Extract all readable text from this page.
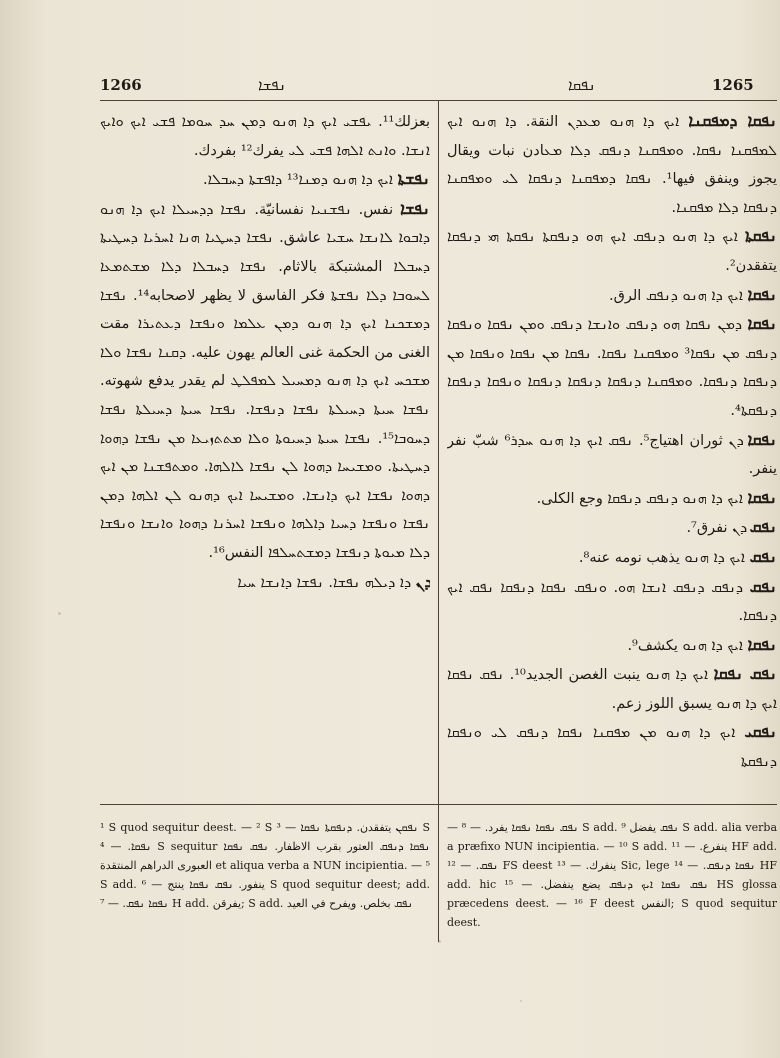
1266	ܢܦܫܐ	ܢܦܩܐ	1265

بعزلك¹¹. ܝܦܫܝ ܐܝܟ ܕܐ ܗܢܘ ܕܡܢ ܚܕ ܚܘܡܐ ܦܫܝ ܐܝܟ ܘܐܝܟ ܐܢܫܐ. ܘܐܢܬ ܐܠܗܐ ܦܫܝ ܠܝ يفرك¹² بفردك.

ܢܦܫܬܐ ܐܝܟ ܕܐ ܗܢܘ ܕܡܢܐ¹³ ܕܐܦܫܬܐ ܕܚܒܠܐ.

ܢܦܫܐ نفس. ܢܦܫܢܝܐ نفسانيّة. ܢܦܫܐ ܕܕܚܝܠܐ ܐܝܟ ܕܐ ܗܢܘ ܕܐܒܘܐ ܠܐܢܫܐ ܚܫܝܐ عاشق. ܢܦܫܐ ܕܚܛܝܐ ܗܢܐ ܐܚܪܝܐ ܕܚܛܝܬܐ ܕܚܒܠܐ المشتبكة بالاثام. ܢܦܫܐ ܕܚܒܠܐ ܕܠܐ ܡܫܬܡܥܐ ܠܚܘܒܐ ܕܠܐ ܢܦܫܬܐ فكر الفاسق لا يظهر لاصحابه¹⁴. ܢܦܫܐ ܕܡܫܟܢܐ ܐܝܟ ܕܐ ܗܢܘ ܕܡܢ ܥܠܡܐ ܘܢܦܫܐ ܕܥܬܝܪܐ مقت الغنى من الحكمة غنى العالم يهون عليه. ܕܩܢܐ ܢܦܫܐ ܘܠܐ ܡܫܟܚ ܐܝܟ ܕܐ ܗܢܘ ܕܡܚܝܠ ܠܡܦܠܛ لم يقدر يدفع شهوته. ܢܦܫܐ ܚܝܬܐ ܕܚܝܠܬܐ ܢܦܫܐ ܕܢܦܫܐ. ܢܦܫܐ ܚܝܬܐ ܕܚܝܠܬܐ ܢܦܫܐ ܕܚܘܒܐ¹⁵. ܢܦܫܐ ܚܝܬܐ ܕܚܝܘܬܐ ܘܠܐ ܡܬܬܙܝܥܐ ܡܢ ܢܦܫܐ ܕܗܘܐ ܕܚܛܝܬܐ. ܘܡܫܝܚܐ ܕܗܘܐ ܠܢ ܢܦܫܐ ܠܐܠܗܐ. ܘܡܬܦܫܢܐ ܡܢ ܐܝܟ ܕܗܘܐ ܢܦܫܐ ܐܝܟ ܕܐܢܫܐ. ܘܡܫܝܚܐ ܐܝܟ ܕܗܢܘ ܠܢ ܐܠܗܐ ܕܡܢ ܢܦܫܐ ܘܢܦܫܐ ܕܚܝܐ ܕܐܠܗܐ ܘܢܦܫܐ ܐܚܪܢܐ ܕܗܘܐ ܘܐܢܫܐ ܘܢܦܫܐ ܕܠܐ ܡܝܘܬܐ ܕܢܦܫܐ ܕܡܫܬܚܠܦܐ النفس¹⁶.

ܕܢ ܕܐ ܕܝܠܗ ܢܦܫܐ. ܢܦܫܐ ܕܐܢܫܐ ܚܝܐ

ܢܦܩܐ ܕܡܦܩܢܐ ܐܝܟ ܕܐ ܗܢܘ ܡܥܕܢ النقة. ܕܐ ܗܢܘ ܐܝܟ ܠܡܦܩܢܐ ܢܦܩܐ. ܘܡܦܩܢܐ ܕܢܦܩ ܕܠܐ ܡܥادن نبات ويقال يجوز وينفق فيها¹. ܢܦܩܐ ܕܡܦܩܢܐ ܕܢܦܩܐ ܠܝ ܘܡܦܩܢܐ ܕܢܦܩܐ ܕܠܐ ܡܦܩܢܐ.

ܢܦܩܬܐ ܐܝܟ ܕܐ ܗܢܘ ܕܢܦܩ ܐܝܟ ܗܘ ܕܢܦܩܬܐ ܢܦܩܬܐ ܗܝ ܕܢܦܩܐ يتفقدن².

ܢܦܩܐ ܐܝܟ ܕܐ ܗܢܘ ܕܢܦܩ الرق.

ܢܦܩܐ ܕܡܢ ܢܦܩܐ ܗܘ ܕܢܦܩ ܘܐܢܫܐ ܕܢܦܩ ܘܡܢ ܢܦܩܐ ܘܢܦܩܐ ܕܢܦܩ ܡܢ ܢܦܩܐ³ ܘܡܦܩܢܐ ܢܦܩܐ. ܢܦܩܐ ܡܢ ܢܦܩܐ ܘܢܦܩܐ ܡܢ ܕܢܦܩܐ ܕܢܦܩܐ. ܘܡܦܩܢܐ ܕܢܦܩܐ ܕܢܦܩܐ ܕܢܦܩܐ ܘܢܦܩܐ ܕܢܦܩܐ ܕܢܦܩܬܐ⁴.

ܢܦܩܐ ܕܢ ثوران اهتياج⁵. ܢܦܩ ܐܝܟ ܕܐ ܗܢܘ ܚܕܪ⁶ شبّ نفر ينفر.

ܢܦܩܐ ܐܝܟ ܕܐ ܗܢܘ ܕܢܦܩ ܕܢܦܩܐ وجع الكلى.

ܢܦܩ ܕܢ نفرق⁷.

ܢܦܩ ܐܝܟ ܕܐ ܗܢܘ يذهب نومه عنه⁸.

ܢܦܩ ܕܢܦܩ ܕܢܦܩ ܐܢܫܐ ܗܘ. ܘܢܦܩ ܢܦܩܐ ܕܢܦܩܐ ܢܦܩ ܐܝܟ ܕܢܦܩܐ.

ܢܦܩܐ ܐܝܟ ܕܐ ܗܢܘ يكشف⁹.

ܢܦܩ ܢܦܩܐ ܐܝܟ ܕܐ ܗܢܘ ينبت الغصن الجديد¹⁰. ܢܦܩ ܢܦܩܐ ܐܝܟ ܕܐ ܗܢܘ يسبق اللوز زعم.

ܢܦܩܝ ܐܝܟ ܕܐ ܗܢܘ ܡܢ ܡܦܩܢܐ ܢܦܩܐ ܕܢܦܩ ܠܝ ܘܢܦܩܐ ܕܢܦܩܬܐ

¹ S quod sequitur deest. — ² S ܢܦܩܢ يتفقدن. ܕܢܦܩܬܐ ܢܦܩܐ — ³ S ܢܦܩܐ. — ⁴ S sequitur ܢܦܩܐ ܕܢܦܩ العتور بقرب الاظفار. ܢܦܩ ܢܦܩܐ العبورى الدراهم المنتقدة et aliqua verba a NUN incipientia. — ⁵ S add. ينفور. ܢܦܩ ܢܦܩܐ ينتج — ⁶ S quod sequitur deest; add. ܢܦܩܐ ܢܦܩ. — ⁷ H add. يفرقن; S add. ܢܦܩ بخلص. ويفرح في العيد

— ܢܦܩ ܢܦܩܐ ܢܦܩܐ يفرد. — ⁸ S add. ܢܦܩ يفضل ⁹ S add. alia verba a præfixo NUN incipientia. — ¹⁰ S add. ينفرع. — ¹¹ HF add. ܢܦܩ. — ¹² FS deest ينفرك. — ¹³ Sic, lege ܢܦܩܐ ܕܢܦܩ. — ¹⁴ HF add. hic ܢܦܩ ܢܦܩܐ ܐܝܟ ܕܢܦܩ يضع ينفضل. — ¹⁵ HS glossa præcedens deest. — ¹⁶ F deest النفس; S quod sequitur deest.
